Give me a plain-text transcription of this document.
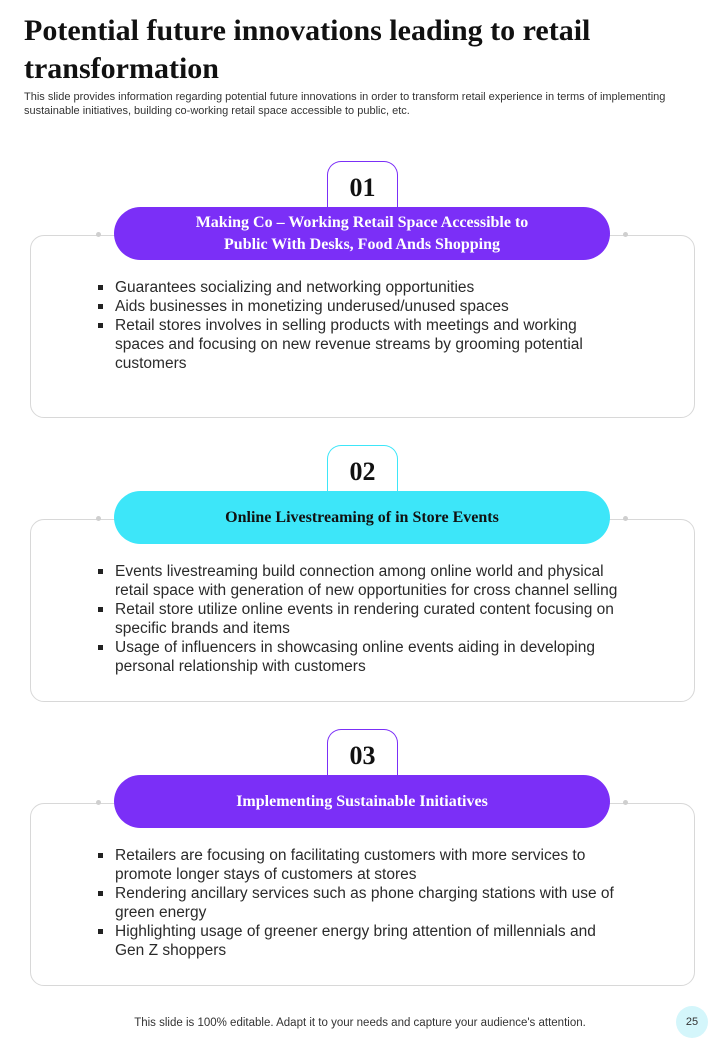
Potential future innovations leading to retail transformation

This slide provides information regarding potential future innovations in order to transform retail experience in terms of implementing sustainable initiatives, building co-working retail space accessible to public, etc.

01
Making Co – Working Retail Space Accessible to Public With Desks, Food Ands Shopping
Guarantees socializing and networking opportunities
Aids businesses in monetizing underused/unused spaces
Retail stores involves in selling products with meetings and working spaces and focusing on new revenue streams by grooming potential customers
02
Online Livestreaming of in Store Events
Events livestreaming build connection among online world and physical retail space with generation of new opportunities for cross channel selling
Retail store utilize online events in rendering curated content focusing on specific brands and items
Usage of influencers in showcasing online events aiding in developing personal relationship with customers
03
Implementing Sustainable Initiatives
Retailers are focusing on facilitating customers with more services to promote longer stays of customers at stores
Rendering ancillary services such as phone charging stations with use of green energy
Highlighting usage of greener energy bring attention of millennials and Gen Z shoppers
This slide is 100% editable. Adapt it to your needs and capture your audience's attention.	25
